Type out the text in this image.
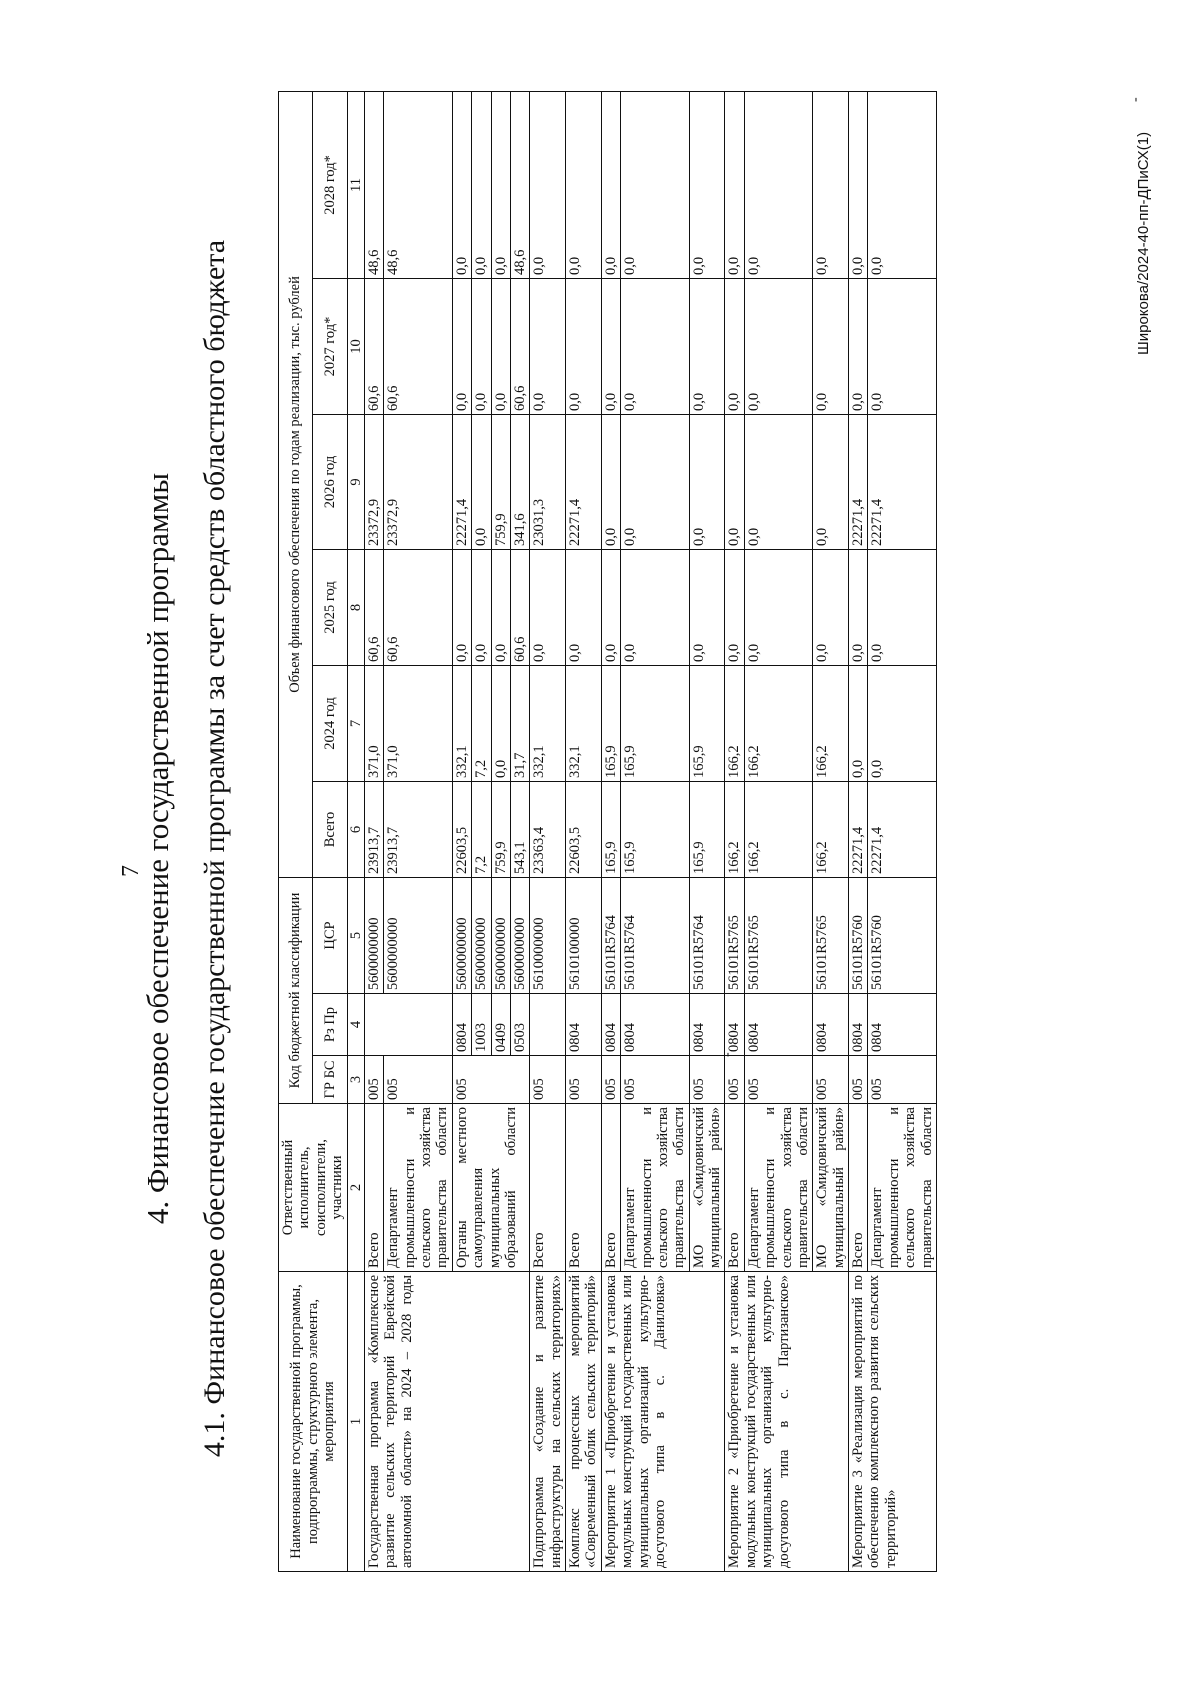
7
4. Финансовое обеспечение государственной программы 4.1. Финансовое обеспечение государственной программы за счет средств областного бюджета	Наименование государственной программы, подпрограммы, структурного элемента, мероприятия	Ответственный исполнитель, соисполнители, участники	Код бюджетной классификации			Объем финансового обеспечения по годам реализации, тыс. рублей					
		ГР БС	Рз Пр	ЦСР	Всего	2024 год	2025 год	2026 год	2027 год*	2028 год*
1	2	3	4	5	6	7	8	9	10	11
Государственная программа «Комплексное развитие сельских территорий Еврейской автономной области» на 2024 – 2028 годы	Всего	005		5600000000	23913,7	371,0	60,6	23372,9	60,6	48,6
	Департамент промышленности и сельского хозяйства правительства области	005		5600000000	23913,7	371,0	60,6	23372,9	60,6	48,6
	Органы местного самоуправления муниципальных образований области	005	0804	5600000000	22603,5	332,1	0,0	22271,4	0,0	0,0
			1003	5600000000	7,2	7,2	0,0	0,0	0,0	0,0
			0409	5600000000	759,9	0,0	0,0	759,9	0,0	0,0
			0503	5600000000	543,1	31,7	60,6	341,6	60,6	48,6
Подпрограмма «Создание и развитие инфраструктуры на сельских территориях»	Всего	005		5610000000	23363,4	332,1	0,0	23031,3	0,0	0,0
Комплекс процессных мероприятий «Современный облик сельских территорий»	Всего	005	0804	5610100000	22603,5	332,1	0,0	22271,4	0,0	0,0
Мероприятие 1 «Приобретение и установка модульных конструкций государственных или муниципальных организаций культурно-досугового типа в с. Даниловка»	Всего	005	0804	56101R5764	165,9	165,9	0,0	0,0	0,0	0,0
	Департамент промышленности и сельского хозяйства правительства области	005	0804	56101R5764	165,9	165,9	0,0	0,0	0,0	0,0
	МО «Смидовичский муниципальный район»	005	0804	56101R5764	165,9	165,9	0,0	0,0	0,0	0,0
Мероприятие 2 «Приобретение и установка модульных конструкций государственных или муниципальных организаций культурно-досугового типа в с. Партизанское»	Всего	005	0804	56101R5765	166,2	166,2	0,0	0,0	0,0	0,0
	Департамент промышленности и сельского хозяйства правительства области	005	0804	56101R5765	166,2	166,2	0,0	0,0	0,0	0,0
	МО «Смидовичский муниципальный район»	005	0804	56101R5765	166,2	166,2	0,0	0,0	0,0	0,0
Мероприятие 3 «Реализация мероприятий по обеспечению комплексного развития сельских территорий»	Всего	005	0804	56101R5760	22271,4	0,0	0,0	22271,4	0,0	0,0
	Департамент промышленности и сельского хозяйства правительства области	005	0804	56101R5760	22271,4	0,0	0,0	22271,4	0,0	0,0	Широкова/2024-40-пп-ДПиСХ(1)
-
-
